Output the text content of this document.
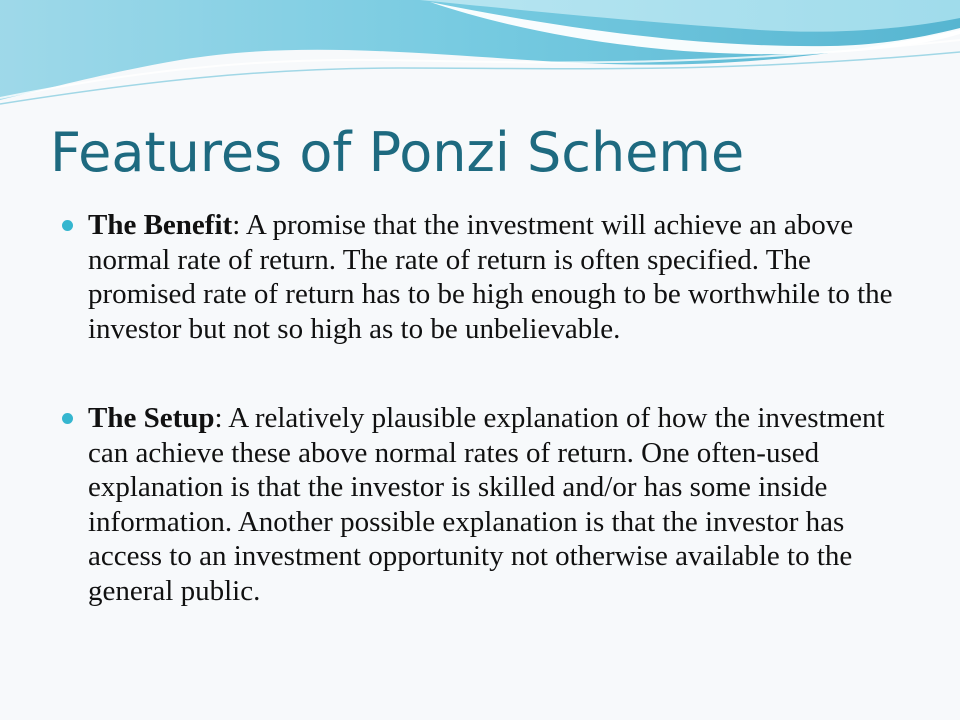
Features of Ponzi Scheme
The Benefit: A promise that the investment will achieve an above normal rate of return. The rate of return is often specified. The promised rate of return has to be high enough to be worthwhile to the investor but not so high as to be unbelievable.
The Setup: A relatively plausible explanation of how the investment can achieve these above normal rates of return. One often-used explanation is that the investor is skilled and/or has some inside information. Another possible explanation is that the investor has access to an investment opportunity not otherwise available to the general public.
